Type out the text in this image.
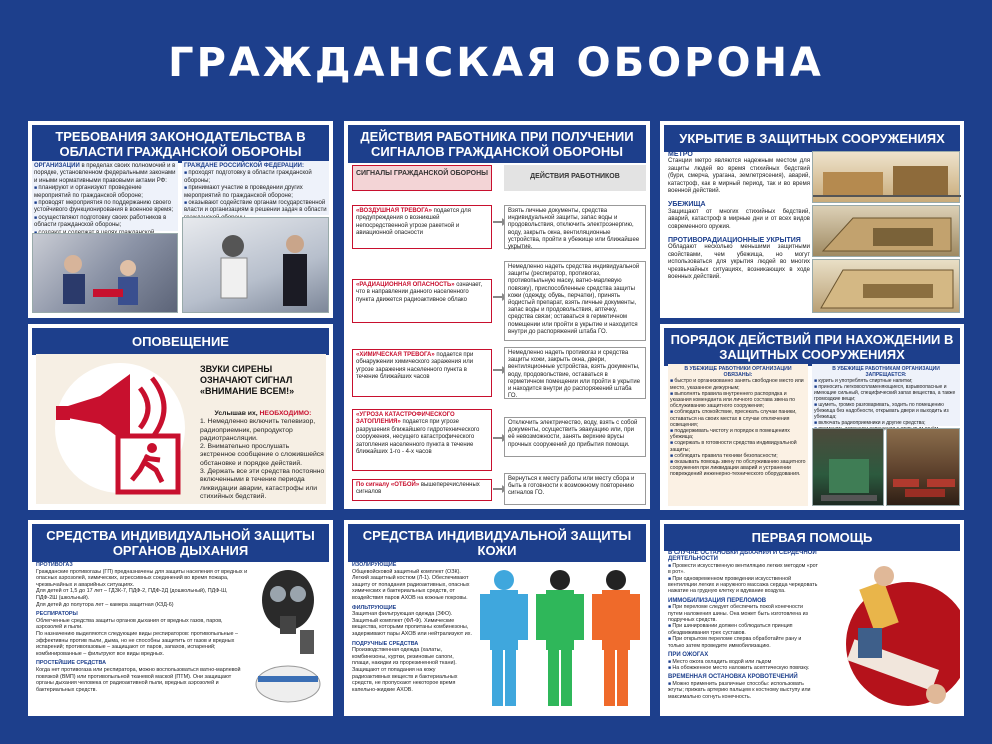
ГРАЖДАНСКАЯ ОБОРОНА
ТРЕБОВАНИЯ ЗАКОНОДАТЕЛЬСТВА В ОБЛАСТИ ГРАЖДАНСКОЙ ОБОРОНЫ
ОРГАНИЗАЦИИ в пределах своих полномочий и в порядке, установленном федеральными законами и иными нормативными правовыми актами РФ:
■ планируют и организуют проведение мероприятий по гражданской обороне;
■ проводят мероприятия по поддержанию своего устойчивого функционирования в военное время;
■ осуществляют подготовку своих работников в области гражданской обороны;
■
ГРАЖДАНЕ РОССИЙСКОЙ ФЕДЕРАЦИИ:
■ проходят подготовку в области гражданской обороны;
■ принимают участие в проведении других мероприятий по гражданской обороне;
■ оказывают содействие органам государственной власти и организациям в решении задач в области
ДЕЙСТВИЯ РАБОТНИКА ПРИ ПОЛУЧЕНИИ СИГНАЛОВ ГРАЖДАНСКОЙ ОБОРОНЫ
СИГНАЛЫ ГРАЖДАНСКОЙ ОБОРОНЫ	ДЕЙСТВИЯ РАБОТНИКОВ
«ВОЗДУШНАЯ ТРЕВОГА» подается для предупреждения о возникшей непосредственной угрозе ракетной и авиационной опасности
Взять личные документы, средства индивидуальной защиты, запас воды и продовольствия, отключить электроэнергию, воду, закрыть окна, вентиляционные устройства, пройти в убежище или ближайшее укрытие.
«РАДИАЦИОННАЯ ОПАСНОСТЬ» означает, что в направлении данного населенного пункта движется радиоактивное облако
Немедленно надеть средства индивидуальной защиты (респиратор, противогаз, противопыльную маску, ватно-марлевую повязку), приспособленные средства защиты кожи (одежду, обувь, перчатки), принять йодистый препарат, взять личные документы, запас воды и продовольствия, аптечку, средства связи; оставаться в герметичном помещении или пройти в укрытие и находится внутри до распоряжений штаба ГО.
«ХИМИЧЕСКАЯ ТРЕВОГА» подается при обнаружении химического заражения или угрозе заражения населенного пункта в течение ближайших часов
Немедленно надеть противогаз и средства защиты кожи, закрыть окна, двери, вентиляционные устройства, взять документы, воду, продовольствие, оставаться в герметичном помещении или пройти в укрытие и находится внутри до распоряжений штаба ГО.
«УГРОЗА КАТАСТРОФИЧЕСКОГО ЗАТОПЛЕНИЯ» подается при угрозе разрушения ближайшего гидротехнического сооружения, несущего катастрофического затопления населенного пункта в течение ближайших 1-го - 4-х часов
Отключить электричество, воду, взять с собой документы, осуществить эвакуацию или, при её невозможности, занять верхние врусы прочных сооружений до прибытия помощи.
По сигналу «ОТБОЙ» вышеперечисленных сигналов
Вернуться к месту работы или месту сбора и быть в готовности к возможному повторению сигналов ГО.
УКРЫТИЕ В ЗАЩИТНЫХ СООРУЖЕНИЯХ
МЕТРО
Станции метро являются надежным местом для защиты людей во время стихийных бедствий (бури, смерча, урагана, землетрясения), аварий, катастроф, как в мирный период, так и во время военной действий.
УБЕЖИЩА
Защищают от многих стихийных бедствий, аварий, катастроф в мирные дни и от всех видов современного оружия.
ПРОТИВОРАДИАЦИОННЫЕ УКРЫТИЯ
Обладают несколько меньшими защитными свойствами, чем убежища, но могут использоваться для укрытия людей во многих чрезвычайных ситуациях, возникающих в ходе военных действий.
ОПОВЕЩЕНИЕ
ЗВУКИ СИРЕНЫ ОЗНАЧАЮТ СИГНАЛ «ВНИМАНИЕ ВСЕМ!»
Услышав их, НЕОБХОДИМО:
1. Немедленно включить телевизор, радиоприемник, репродуктор радиотрансляции.
2. Внимательно прослушать экстренное сообщение о сложившейся обстановке и порядке действий.
3. Держать все эти средства постоянно включенными в течение периода ликвидации аварии, катастрофы или стихийных бедствий.
ПОРЯДОК ДЕЙСТВИЙ ПРИ НАХОЖДЕНИИ В ЗАЩИТНЫХ СООРУЖЕНИЯХ
В УБЕЖИЩЕ РАБОТНИКИ ОРГАНИЗАЦИИ ОБЯЗАНЫ:
■ быстро и организованно занять свободное место или место, указанное дежурным;
■ выполнять правила внутреннего распорядка и указания коменданта или личного состава звена по обслуживанию защитного сооружения;
■ соблюдать спокойствие, пресекать случаи паники, оставаться на своих местах в случае отключения освещения;
■ поддерживать чистоту и порядок в помещениях убежища;
■ содержать в готовности средства индивидуальной защиты;
■ соблюдать правила техники безопасности;
■ оказывать помощь звену по обслуживанию защитного сооружения при ликвидации аварий и устранении повреждений инженерно-технического оборудования.
В УБЕЖИЩЕ РАБОТНИКАМ ОРГАНИЗАЦИИ ЗАПРЕЩАЕТСЯ:
■ курить и употреблять спиртные напитки;
■ приносить легковоспламеняющиеся, взрывоопасные и имеющие сильный, специфический запах вещества, а также громоздкие вещи;
■ шуметь, громко разговаривать, ходить по помещению убежища без надобности, открывать двери и выходить из убежища;
■ включать радиоприемники и другие средства;
■
СРЕДСТВА ИНДИВИДУАЛЬНОЙ ЗАЩИТЫ ОРГАНОВ ДЫХАНИЯ
ПРОТИВОГАЗ
Гражданские противогазы (ГП) предназначены для защиты населения от вредных и опасных аэрозолей, химических, агрессивных соединений во время пожара, чрезвычайных и аварийных ситуациях.
Для детей от 1,5 до 17 лет – ГДЗК-7, ПДФ-2, ПДФ-2Д (дошкольный), ПДФ-Ш, ПДФ-2Ш (школьный).
Для детей до полутора лет – камера защитная (КЗД-6)
РЕСПИРАТОРЫ
Облегченные средства защиты органов дыхания от вредных газов, паров, аэрозолей и пыли.
По назначению выделяются следующие виды респираторов: противопыльные – эффективны против пыли, дыма, но не способны защитить от газов и вредных испарений; противогазовые – защищают от паров, запахов, испарений; комбинированные – фильтруют все виды вредных.
ПРОСТЕЙШИЕ СРЕДСТВА
Когда нет противогаза или респиратора, можно воспользоваться ватно-марлевой повязкой (ВМП) или противопыльной тканевой маской (ПТМ). Они защищают органы дыхания человека от радиоактивной пыли, вредных аэрозолей и бактериальных средств.
СРЕДСТВА ИНДИВИДУАЛЬНОЙ ЗАЩИТЫ КОЖИ
ИЗОЛИРУЮЩИЕ
Общевойсковой защитный комплект (ОЗК). Легкий защитный костюм (Л-1). Обеспечивают защиту от попадания радиоактивных, опасных химических и бактериальных средств, от воздействия паров АХОВ на кожные покровы.
ФИЛЬТРУЮЩИЕ
Защитная фильтрующая одежда (ЗФО). Защитный комплект (ФЛ-Ф). Химические вещества, которыми пропитаны комбинезоны, задерживают пары АХОВ или нейтрализуют их.
ПОДРУЧНЫЕ СРЕДСТВА
Производственная одежда (халаты, комбинезоны, куртки, резиновые сапоги, плащи, накидки из прорезиненной ткани). Защищают от попадания на кожу радиоактивных веществ и бактериальных средств, не пропускают некоторое время капельно-жидкие АХОВ.
ПЕРВАЯ ПОМОЩЬ
В СЛУЧАЕ ОСТАНОВКИ ДЫХАНИЯ И СЕРДЕЧНОЙ ДЕЯТЕЛЬНОСТИ
■ Провести искусственную вентиляцию легких методом «рот в рот».
■ При одновременном проведении искусственной вентиляции легких и наружного массажа сердца чередовать нажатие на грудную клетку и вдувание воздуха.
ИММОБИЛИЗАЦИЯ ПЕРЕЛОМОВ
■ При переломе следует обеспечить покой конечности путем наложения шины. Она может быть изготовлена из подручных средств.
■ При шинировании должен соблюдаться принцип обездвиживания трех суставов.
■ При открытом переломе сперва обработайте рану и только затем проведите иммобилизацию.
ПРИ ОЖОГАХ
■ Место ожога охладить водой или льдом
■ На обожженное место наложить асептическую повязку.
ВРЕМЕННАЯ ОСТАНОВКА КРОВОТЕЧЕНИЙ
■ Можно применить различные способы: использовать жгуты; прижать артерию пальцем к костному выступу или максимально согнуть конечность.
